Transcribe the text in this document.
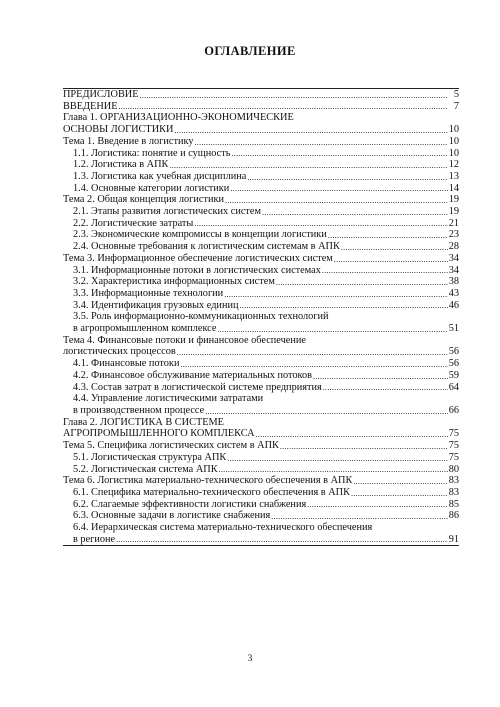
ОГЛАВЛЕНИЕ
ПРЕДИСЛОВИЕ .....	5
ВВЕДЕНИЕ .....	7
Глава 1. ОРГАНИЗАЦИОННО-ЭКОНОМИЧЕСКИЕ
ОСНОВЫ ЛОГИСТИКИ .....	10
Тема 1. Введение в логистику .....	10
1.1. Логистика: понятие и сущность .....	10
1.2. Логистика в АПК .....	12
1.3. Логистика как учебная дисциплина .....	13
1.4. Основные категории логистики .....	14
Тема 2. Общая концепция логистики .....	19
2.1. Этапы развития логистических систем .....	19
2.2. Логистические затраты .....	21
2.3. Экономические компромиссы в концепции логистики .....	23
2.4. Основные требования к логистическим системам в АПК .....	28
Тема 3. Информационное обеспечение логистических систем .....	34
3.1. Информационные потоки в логистических системах .....	34
3.2. Характеристика информационных систем .....	38
3.3. Информационные технологии .....	43
3.4. Идентификация грузовых единиц .....	46
3.5. Роль информационно-коммуникационных технологий
в агропромышленном комплексе .....	51
Тема 4. Финансовые потоки и финансовое обеспечение
логистических процессов .....	56
4.1. Финансовые потоки .....	56
4.2. Финансовое обслуживание материальных потоков .....	59
4.3. Состав затрат в логистической системе предприятия .....	64
4.4. Управление логистическими затратами
в производственном процессе .....	66
Глава 2. ЛОГИСТИКА В СИСТЕМЕ
АГРОПРОМЫШЛЕННОГО КОМПЛЕКСА .....	75
Тема 5. Специфика логистических систем в АПК .....	75
5.1. Логистическая структура АПК .....	75
5.2. Логистическая система АПК .....	80
Тема 6. Логистика материально-технического обеспечения в АПК .....	83
6.1. Специфика материально-технического обеспечения в АПК .....	83
6.2. Слагаемые эффективности логистики снабжения .....	85
6.3. Основные задачи в логистике снабжения .....	86
6.4. Иерархическая система материально-технического обеспечения
в регионе .....	91
3
